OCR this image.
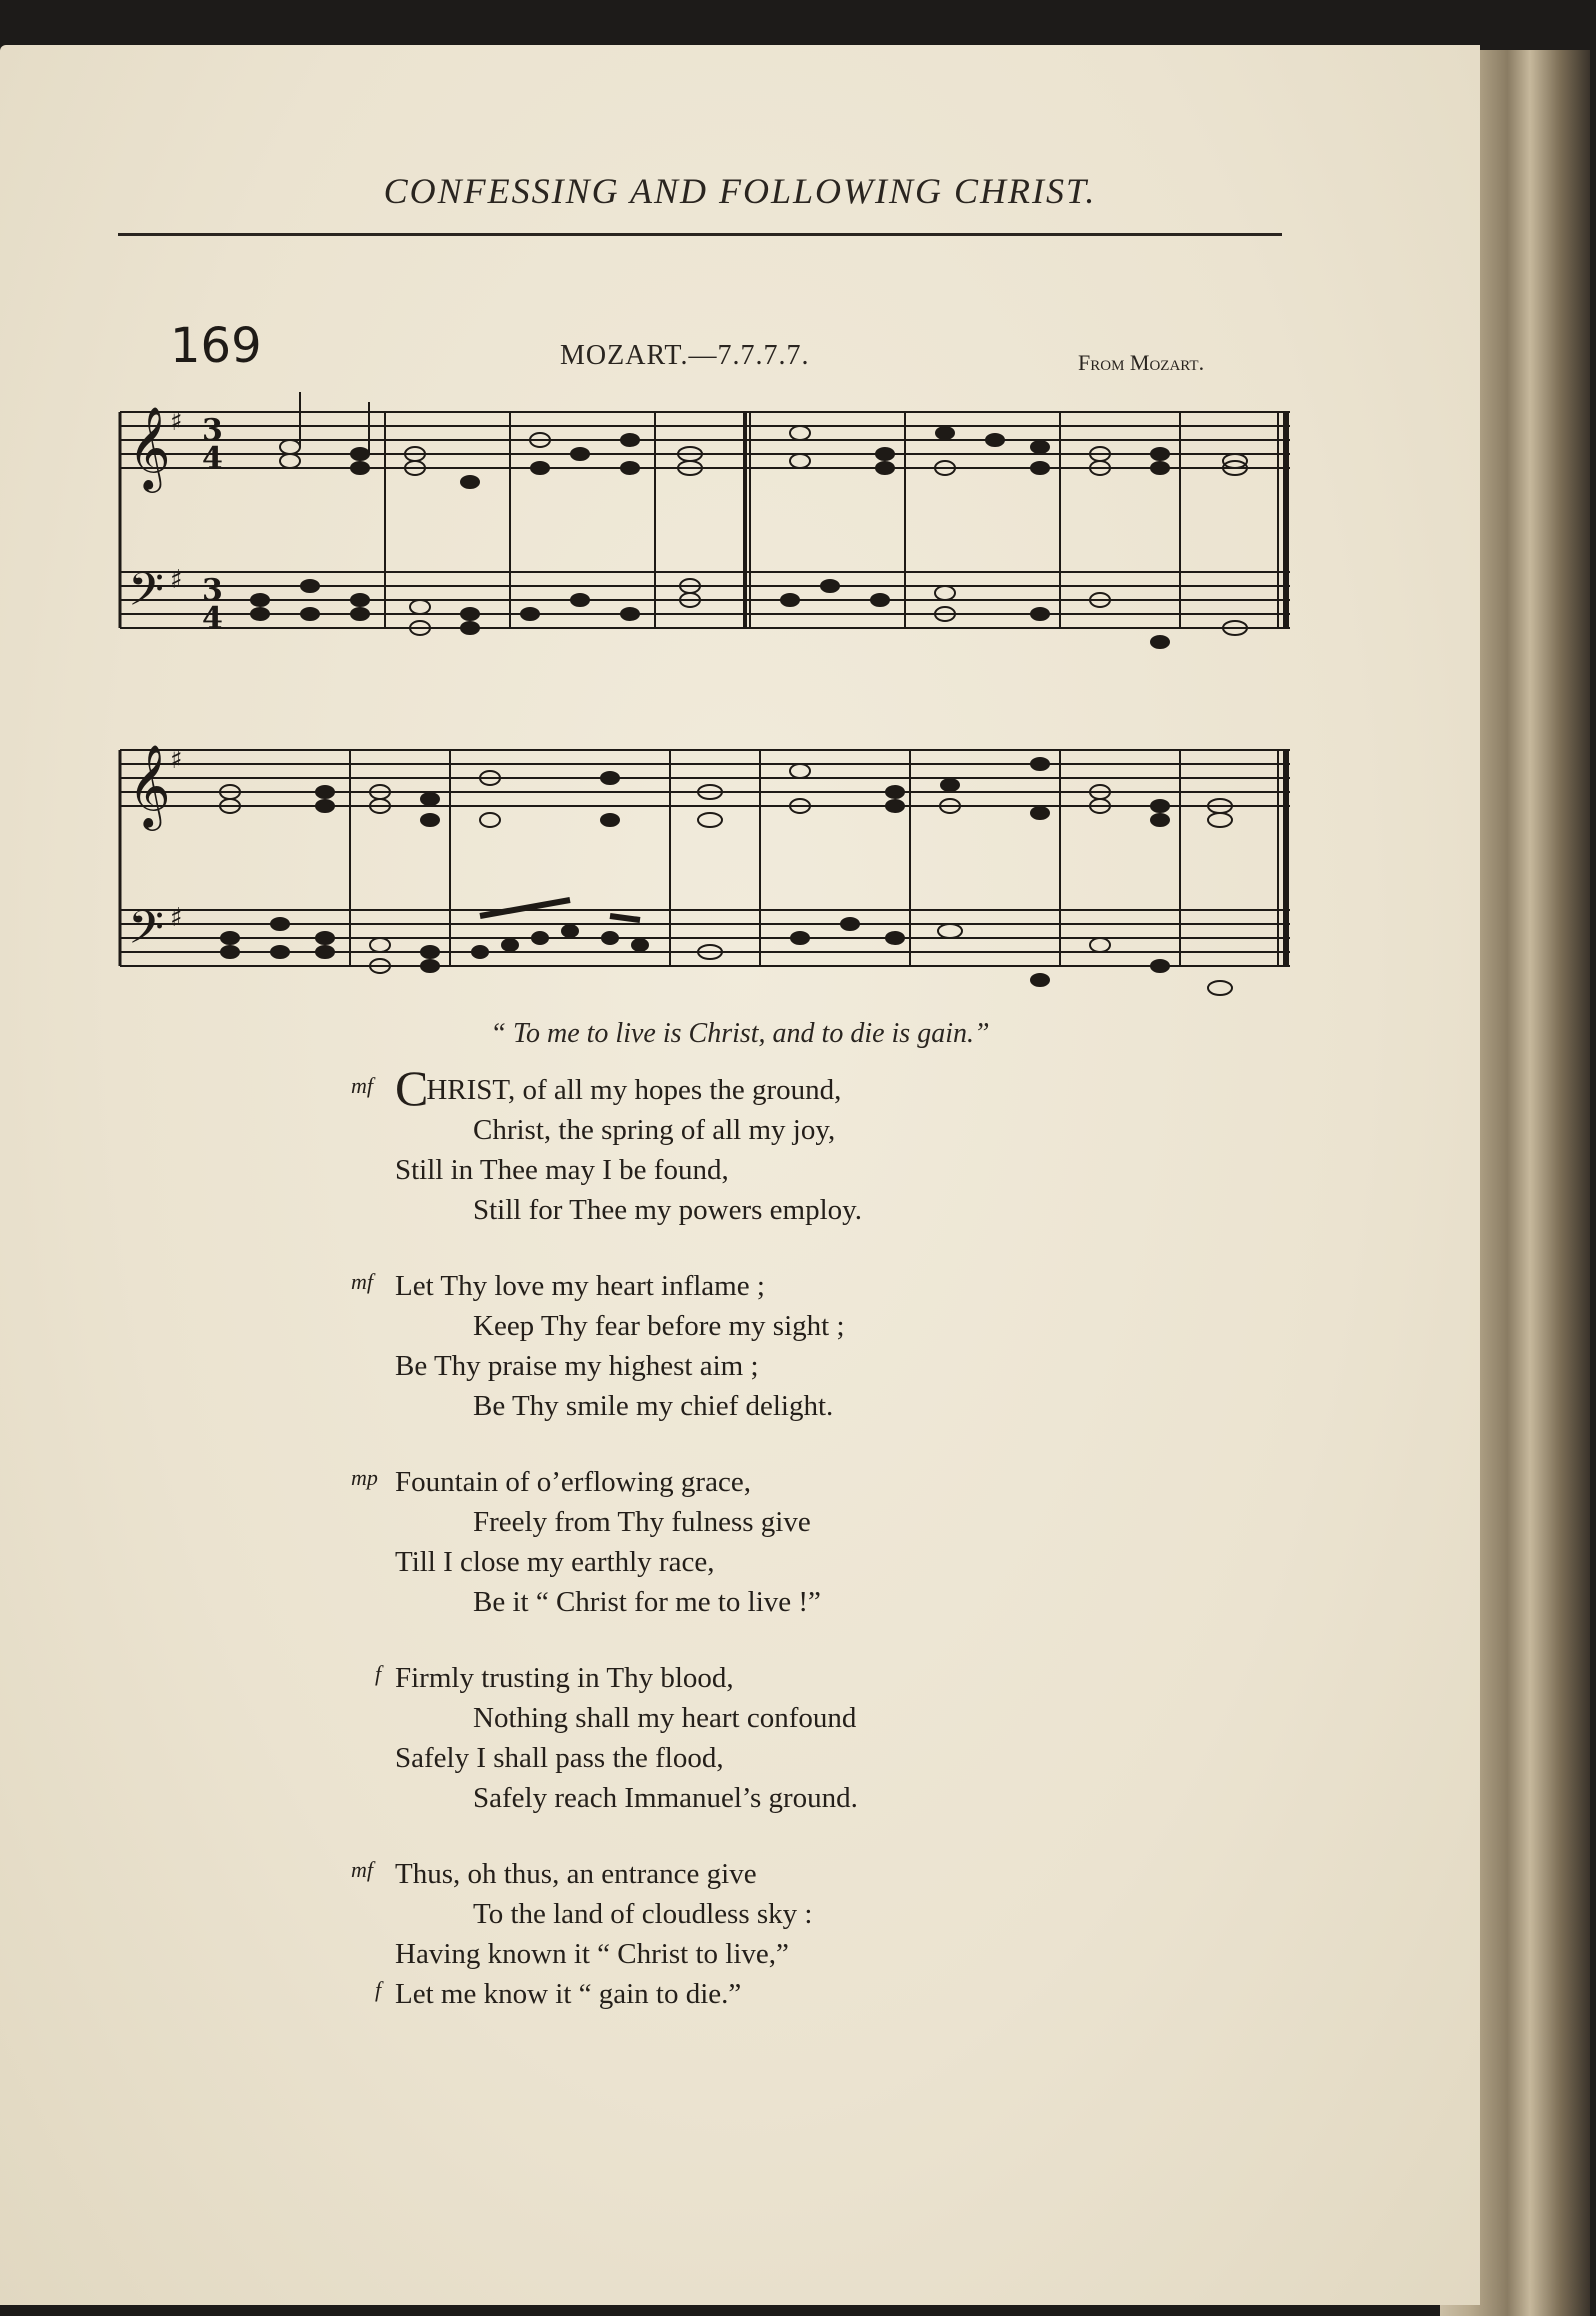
CONFESSING AND FOLLOWING CHRIST.
169	MOZART.—7.7.7.7.	From Mozart.
𝄞 ♯ 3
4
𝄢 ♯ 3
4
𝄞 ♯
𝄢 ♯
“ To me to live is Christ, and to die is gain.”
mf CHRIST, of all my hopes the ground,
Christ, the spring of all my joy,
Still in Thee may I be found,
Still for Thee my powers employ.
mf Let Thy love my heart inflame ;
Keep Thy fear before my sight ;
Be Thy praise my highest aim ;
Be Thy smile my chief delight.
mp Fountain of o’erflowing grace,
Freely from Thy fulness give
Till I close my earthly race,
Be it “ Christ for me to live !”
f Firmly trusting in Thy blood,
Nothing shall my heart confound
Safely I shall pass the flood,
Safely reach Immanuel’s ground.
mf Thus, oh thus, an entrance give
To the land of cloudless sky :
Having known it “ Christ to live,”
f Let me know it “ gain to die.”
